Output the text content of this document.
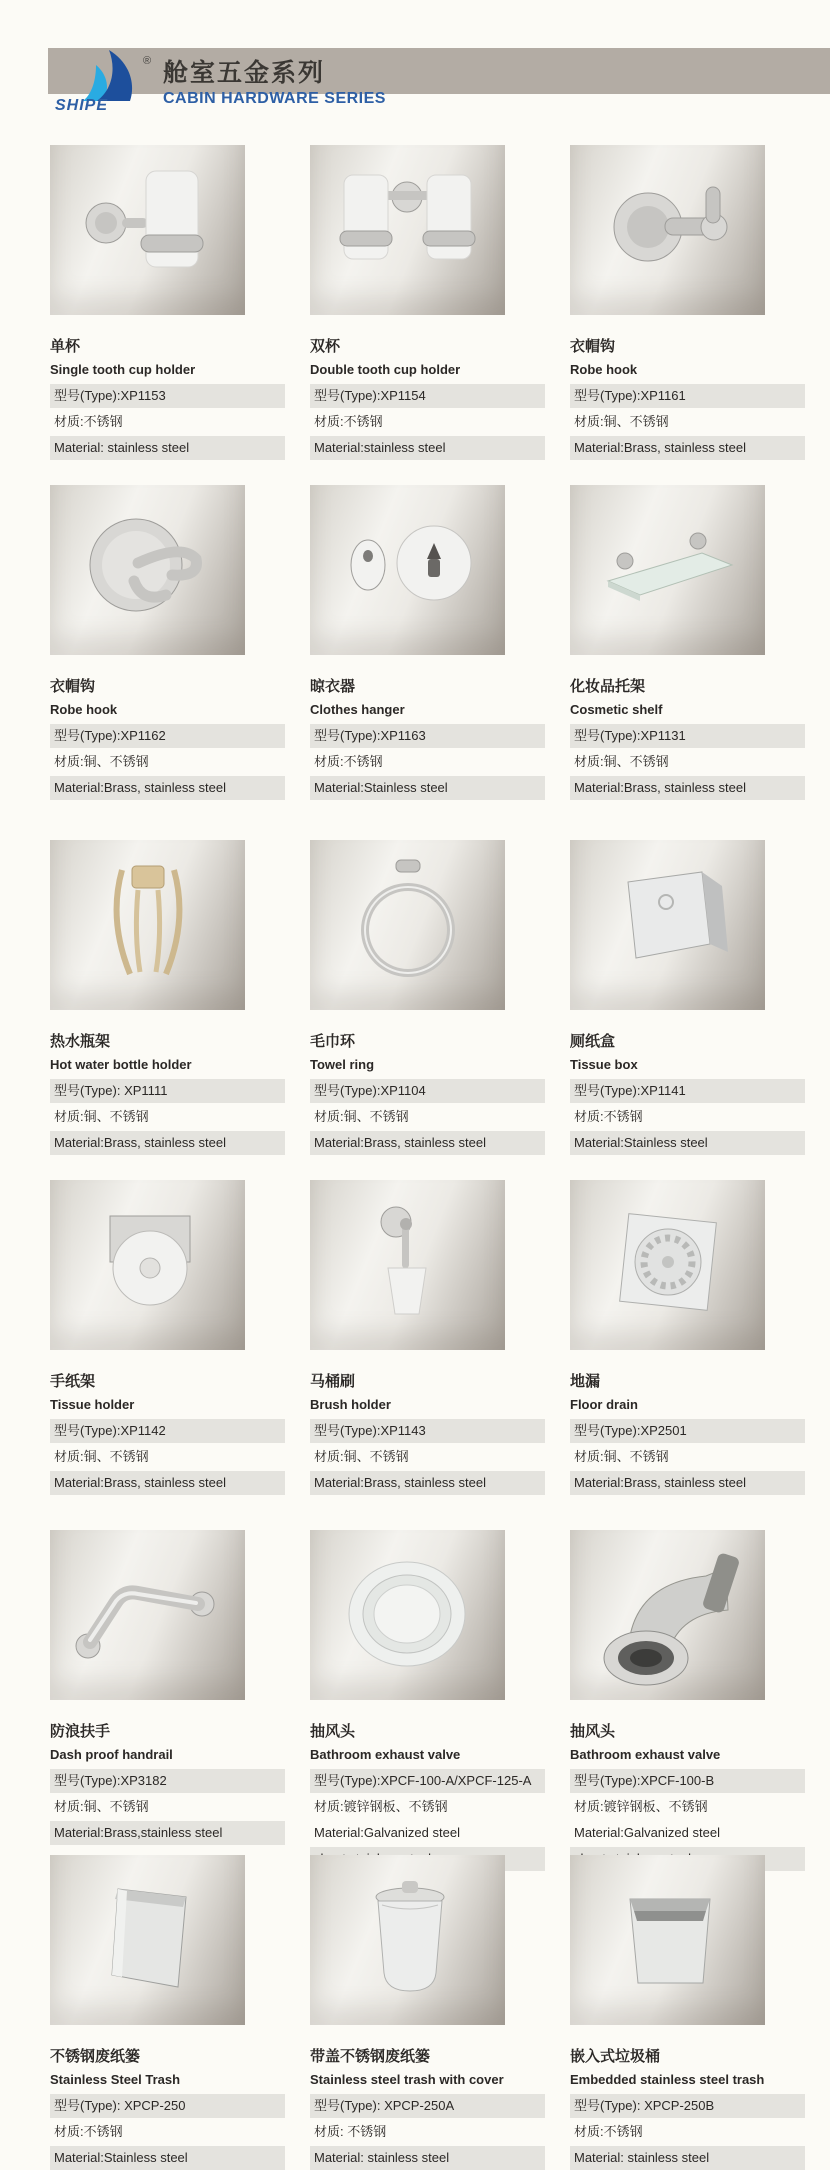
®
SHIPE
舱室五金系列
CABIN HARDWARE SERIES
单杯
Single tooth cup holder
型号(Type):XP1153
材质:不锈钢
Material: stainless steel
双杯
Double tooth cup holder
型号(Type):XP1154
材质:不锈钢
Material:stainless steel
衣帽钩
Robe hook
型号(Type):XP1161
材质:铜、不锈钢
Material:Brass, stainless steel
衣帽钩
Robe hook
型号(Type):XP1162
材质:铜、不锈钢
Material:Brass, stainless steel
晾衣器
Clothes hanger
型号(Type):XP1163
材质:不锈钢
Material:Stainless steel
化妆品托架
Cosmetic shelf
型号(Type):XP1131
材质:铜、不锈钢
Material:Brass, stainless steel
热水瓶架
Hot water bottle holder
型号(Type): XP1111
材质:铜、不锈钢
Material:Brass, stainless steel
毛巾环
Towel ring
型号(Type):XP1104
材质:铜、不锈钢
Material:Brass, stainless steel
厕纸盒
Tissue box
型号(Type):XP1141
材质:不锈钢
Material:Stainless steel
手纸架
Tissue holder
型号(Type):XP1142
材质:铜、不锈钢
Material:Brass, stainless steel
马桶刷
Brush holder
型号(Type):XP1143
材质:铜、不锈钢
Material:Brass, stainless steel
地漏
Floor drain
型号(Type):XP2501
材质:铜、不锈钢
Material:Brass, stainless steel
防浪扶手
Dash proof handrail
型号(Type):XP3182
材质:铜、不锈钢
Material:Brass,stainless steel
抽风头
Bathroom exhaust valve
型号(Type):XPCF-100-A/XPCF-125-A
材质:镀锌钢板、不锈钢
Material:Galvanized steel
抽风头
Bathroom exhaust valve
型号(Type):XPCF-100-B
材质:镀锌钢板、不锈钢
Material:Galvanized steel
不锈钢废纸篓
Stainless Steel Trash
型号(Type): XPCP-250
材质:不锈钢
Material:Stainless steel
带盖不锈钢废纸篓
Stainless steel trash with cover
型号(Type): XPCP-250A
材质: 不锈钢
Material: stainless steel
嵌入式垃圾桶
Embedded stainless steel trash
型号(Type): XPCP-250B
材质:不锈钢
Material: stainless steel
